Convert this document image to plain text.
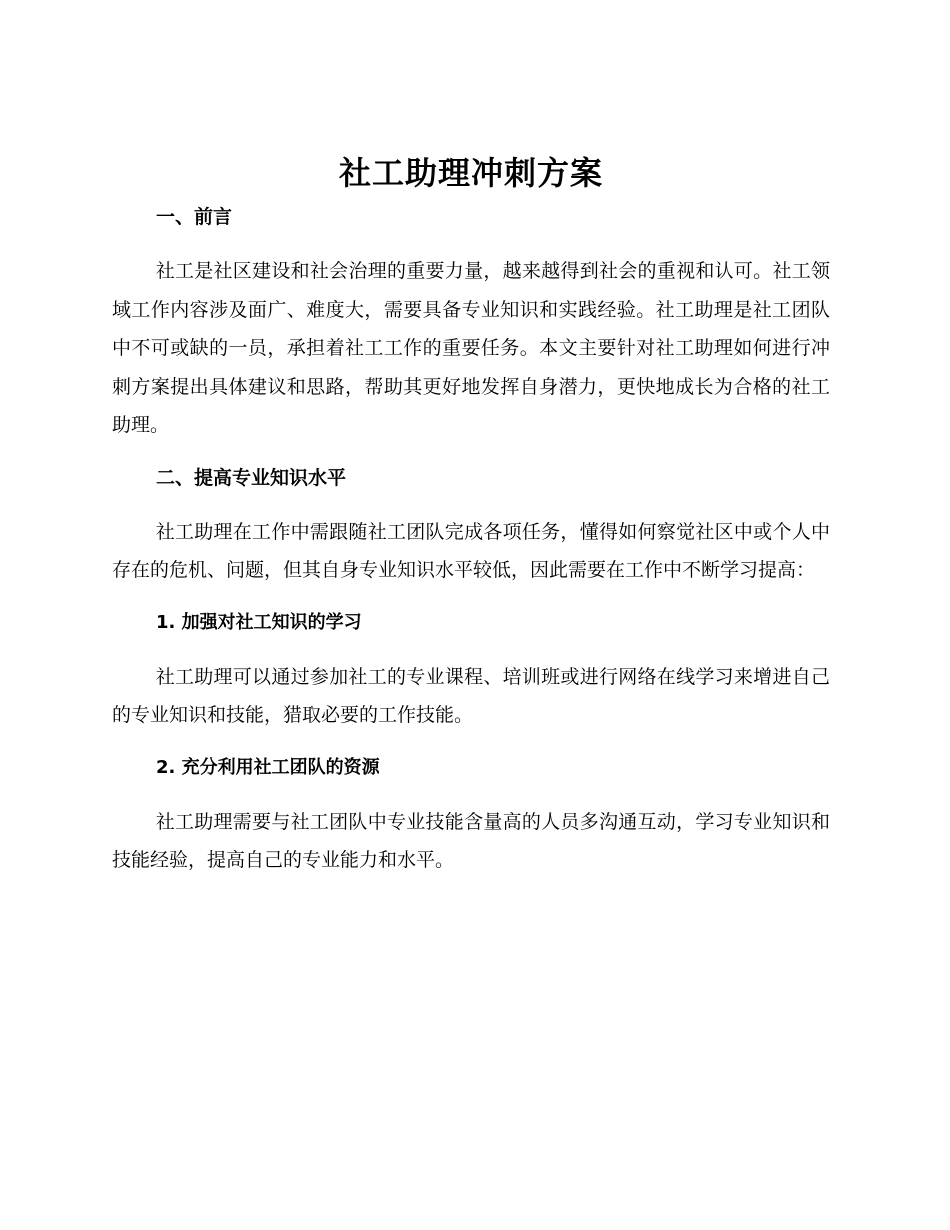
社工助理冲刺方案
一、前言

社工是社区建设和社会治理的重要力量，越来越得到社会的重视和认可。社工领域工作内容涉及面广、难度大，需要具备专业知识和实践经验。社工助理是社工团队中不可或缺的一员，承担着社工工作的重要任务。本文主要针对社工助理如何进行冲刺方案提出具体建议和思路，帮助其更好地发挥自身潜力，更快地成长为合格的社工助理。

二、提高专业知识水平

社工助理在工作中需跟随社工团队完成各项任务，懂得如何察觉社区中或个人中存在的危机、问题，但其自身专业知识水平较低，因此需要在工作中不断学习提高：

1. 加强对社工知识的学习

社工助理可以通过参加社工的专业课程、培训班或进行网络在线学习来增进自己的专业知识和技能，猎取必要的工作技能。

2. 充分利用社工团队的资源

社工助理需要与社工团队中专业技能含量高的人员多沟通互动，学习专业知识和技能经验，提高自己的专业能力和水平。
